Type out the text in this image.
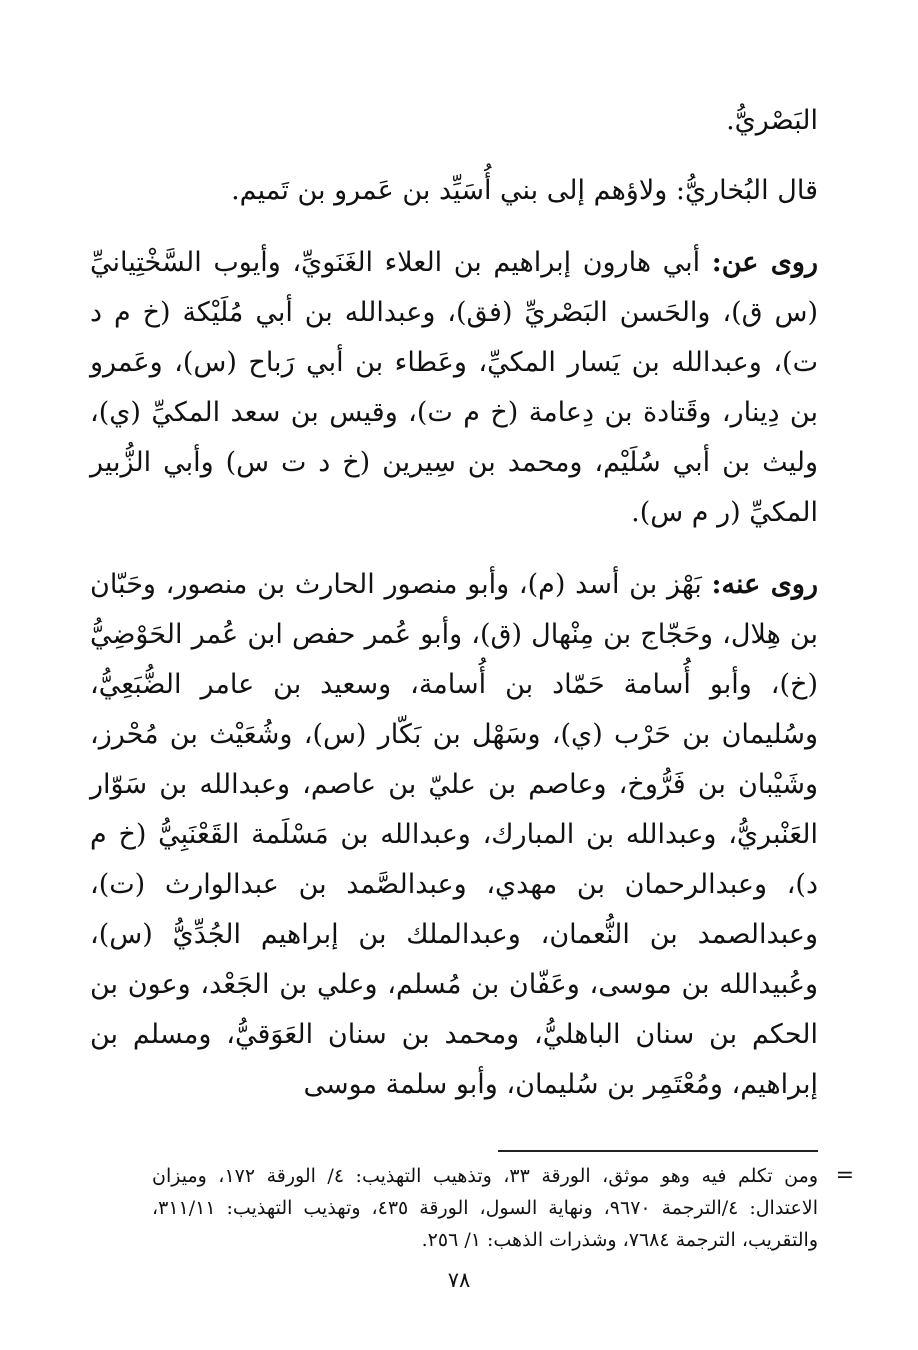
البَصْريُّ.

قال البُخاريُّ: ولاؤهم إلى بني أُسَيِّد بن عَمرو بن تَميم.

روى عن: أبي هارون إبراهيم بن العلاء الغَنَويِّ، وأيوب السَّخْتِيانيِّ (س ق)، والحَسن البَصْريِّ (فق)، وعبدالله بن أبي مُلَيْكة (خ م د ت)، وعبدالله بن يَسار المكيِّ، وعَطاء بن أبي رَباح (س)، وعَمرو بن دِينار، وقَتادة بن دِعامة (خ م ت)، وقيس بن سعد المكيِّ (ي)، وليث بن أبي سُلَيْم، ومحمد بن سِيرين (خ د ت س) وأبي الزُّبير المكيِّ (ر م س).

روى عنه: بَهْز بن أسد (م)، وأبو منصور الحارث بن منصور، وحَبّان بن هِلال، وحَجّاج بن مِنْهال (ق)، وأبو عُمر حفص ابن عُمر الحَوْضِيُّ (خ)، وأبو أُسامة حَمّاد بن أُسامة، وسعيد بن عامر الضُّبَعِيُّ، وسُليمان بن حَرْب (ي)، وسَهْل بن بَكّار (س)، وشُعَيْث بن مُحْرز، وشَيْبان بن فَرُّوخ، وعاصم بن عليّ بن عاصم، وعبدالله بن سَوّار العَنْبريُّ، وعبدالله بن المبارك، وعبدالله بن مَسْلَمة القَعْنَبِيُّ (خ م د)، وعبدالرحمان بن مهدي، وعبدالصَّمد بن عبدالوارث (ت)، وعبدالصمد بن النُّعمان، وعبدالملك بن إبراهيم الجُدِّيُّ (س)، وعُبيدالله بن موسى، وعَفّان بن مُسلم، وعلي بن الجَعْد، وعون بن الحكم بن سنان الباهليُّ، ومحمد بن سنان العَوَقيُّ، ومسلم بن إبراهيم، ومُعْتَمِر بن سُليمان، وأبو سلمة موسى

=
ومن تكلم فيه وهو موثق، الورقة ٣٣، وتذهيب التهذيب: ٤/ الورقة ١٧٢، وميزان الاعتدال: ٤/الترجمة ٩٦٧٠، ونهاية السول، الورقة ٤٣٥، وتهذيب التهذيب: ٣١١/١١، والتقريب، الترجمة ٧٦٨٤، وشذرات الذهب: ١/ ٢٥٦.
٧٨
